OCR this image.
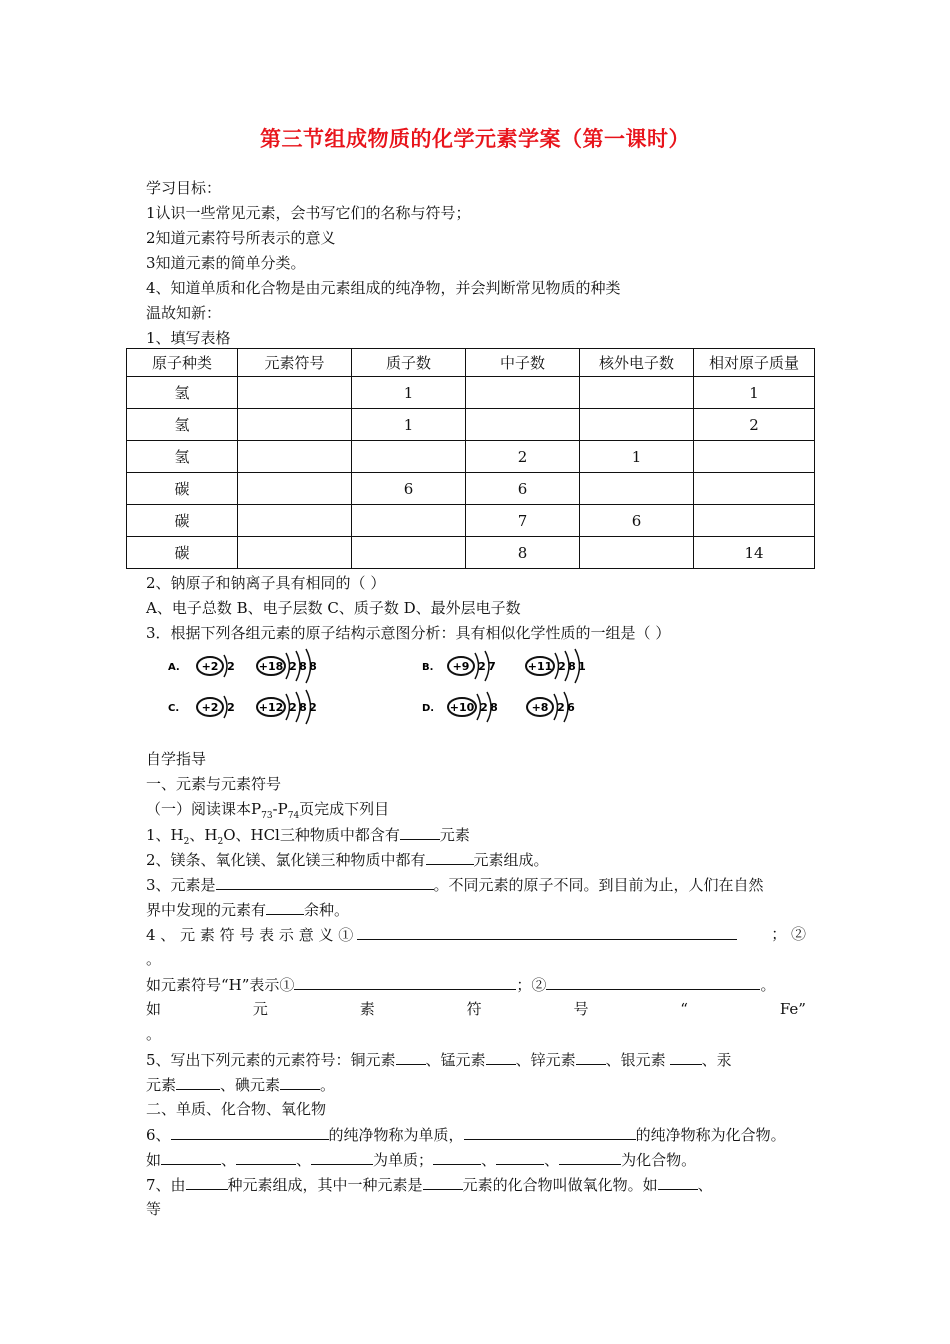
第三节组成物质的化学元素学案（第一课时）
学习目标：
1认识一些常见元素，会书写它们的名称与符号；
2知道元素符号所表示的意义
3知道元素的简单分类。
4、知道单质和化合物是由元素组成的纯净物，并会判断常见物质的种类
温故知新：
1、填写表格
原子种类	元素符号	质子数	中子数	核外电子数	相对原子质量
氢		1			1
氢		1			2
氢			2	1	
碳		6	6		
碳			7	6	
碳			8		14
2、钠原子和钠离子具有相同的（ ）
A、电子总数 B、电子层数 C、质子数 D、最外层电子数
3．根据下列各组元素的原子结构示意图分析：具有相似化学性质的一组是（ ）
A. +2 2 +18 2 8 8	B. +9 2 7	+11 2 8 1
C. +2 2 +12 2 8 2	D. +10 2 8	+8 2 6
自学指导
一、元素与元素符号
（一）阅读课本$P_{73}-P_{74}$页完成下列目
1、$H_2$、$H_2O$、HCl三种物质中都含有	元素
2、镁条、氧化镁、氯化镁三种物质中都有	元素组成。
3、元素是	。不同元素的原子不同。到目前为止，人们在自然
界中发现的元素有	余种。
4 、 元 素 符 号 表 示 意 义 ①	； ②
。
如元素符号“H”表示①	；②	。
如	元	素	符	号	“	Fe”
。
5、写出下列元素的元素符号：铜元素 、锰元素 、锌元素 、银元素 、汞
元素	、碘元素	。
二、单质、化合物、氧化物
6、	的纯净物称为单质，	的纯净物称为化合物。
如	、	、	为单质；	、	、	为化合物。
7、由	种元素组成，其中一种元素是	元素的化合物叫做氧化物。如	、
等
